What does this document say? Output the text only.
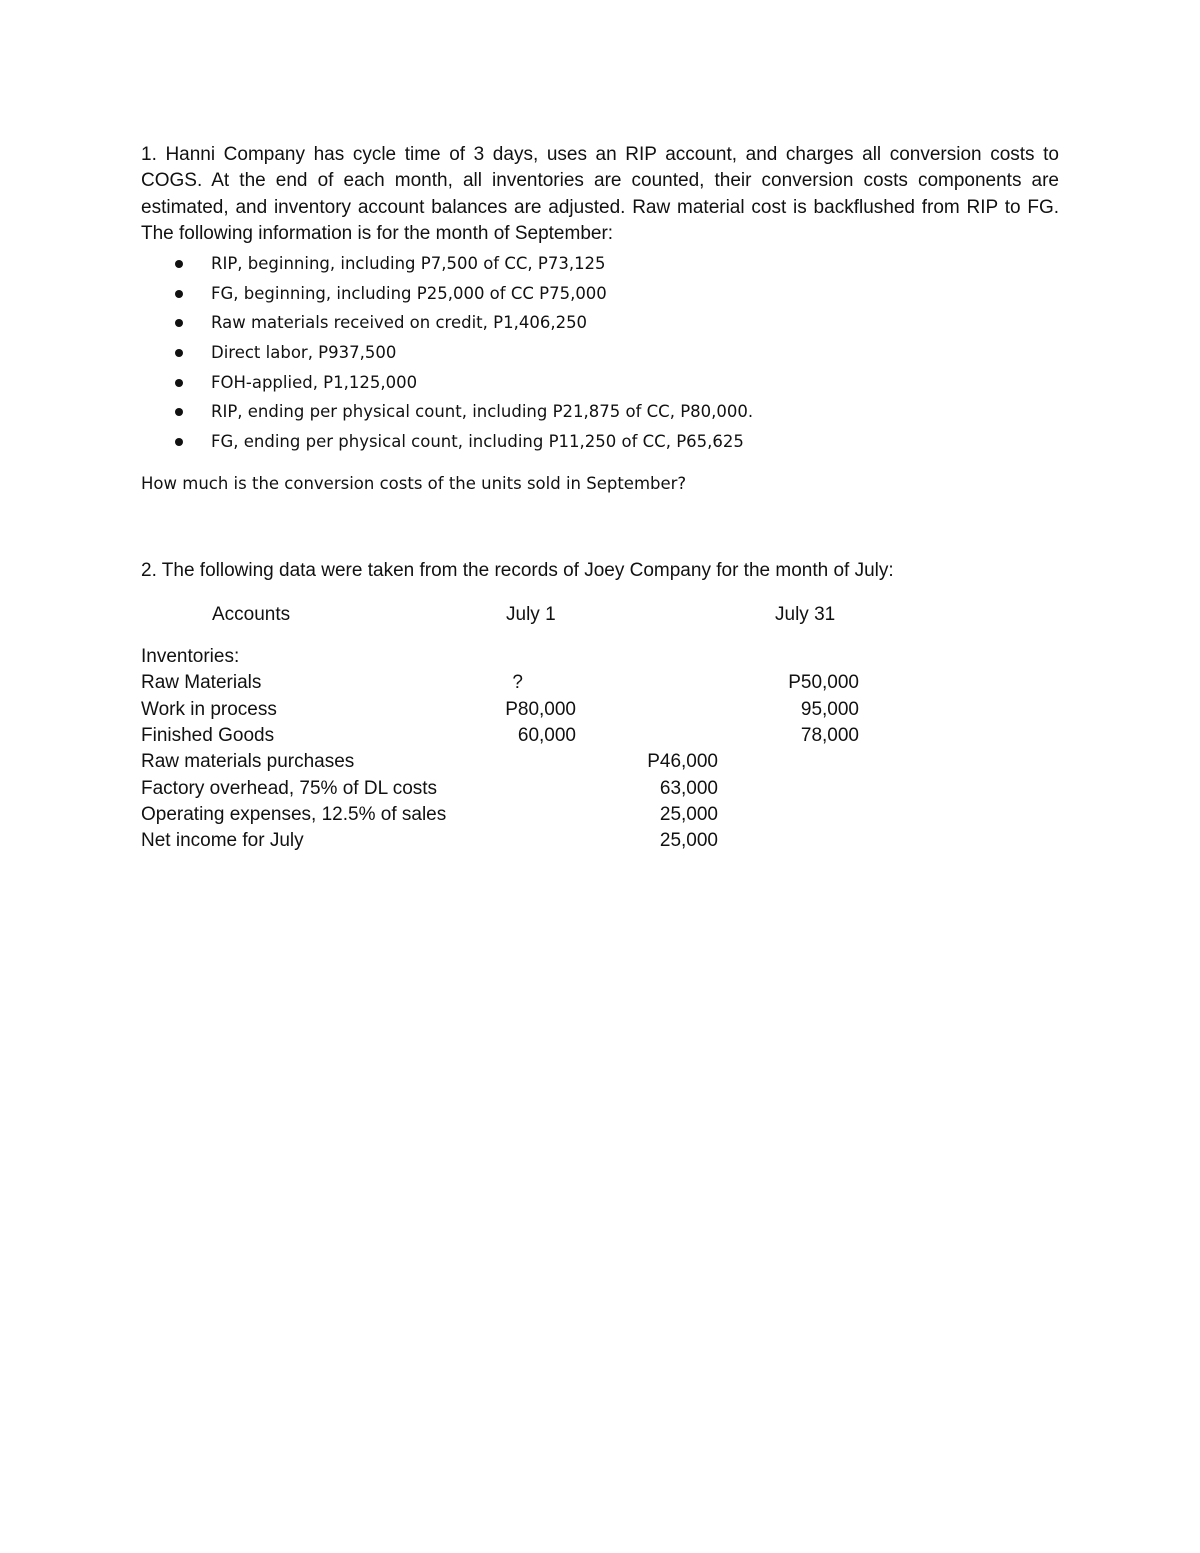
1. Hanni Company has cycle time of 3 days, uses an RIP account, and charges all conversion costs to COGS. At the end of each month, all inventories are counted, their conversion costs components are estimated, and inventory account balances are adjusted. Raw material cost is backflushed from RIP to FG. The following information is for the month of September:

RIP, beginning, including P7,500 of CC, P73,125
FG, beginning, including P25,000 of CC P75,000
Raw materials received on credit, P1,406,250
Direct labor, P937,500
FOH-applied, P1,125,000
RIP, ending per physical count, including P21,875 of CC, P80,000.
FG, ending per physical count, including P11,250 of CC, P65,625

How much is the conversion costs of the units sold in September?

2. The following data were taken from the records of Joey Company for the month of July:

Accounts	July 1	July 31
Inventories:
Raw Materials	?	P50,000
Work in process	P80,000	95,000
Finished Goods	60,000	78,000
Raw materials purchases	P46,000
Factory overhead, 75% of DL costs	63,000
Operating expenses, 12.5% of sales	25,000
Net income for July	25,000
